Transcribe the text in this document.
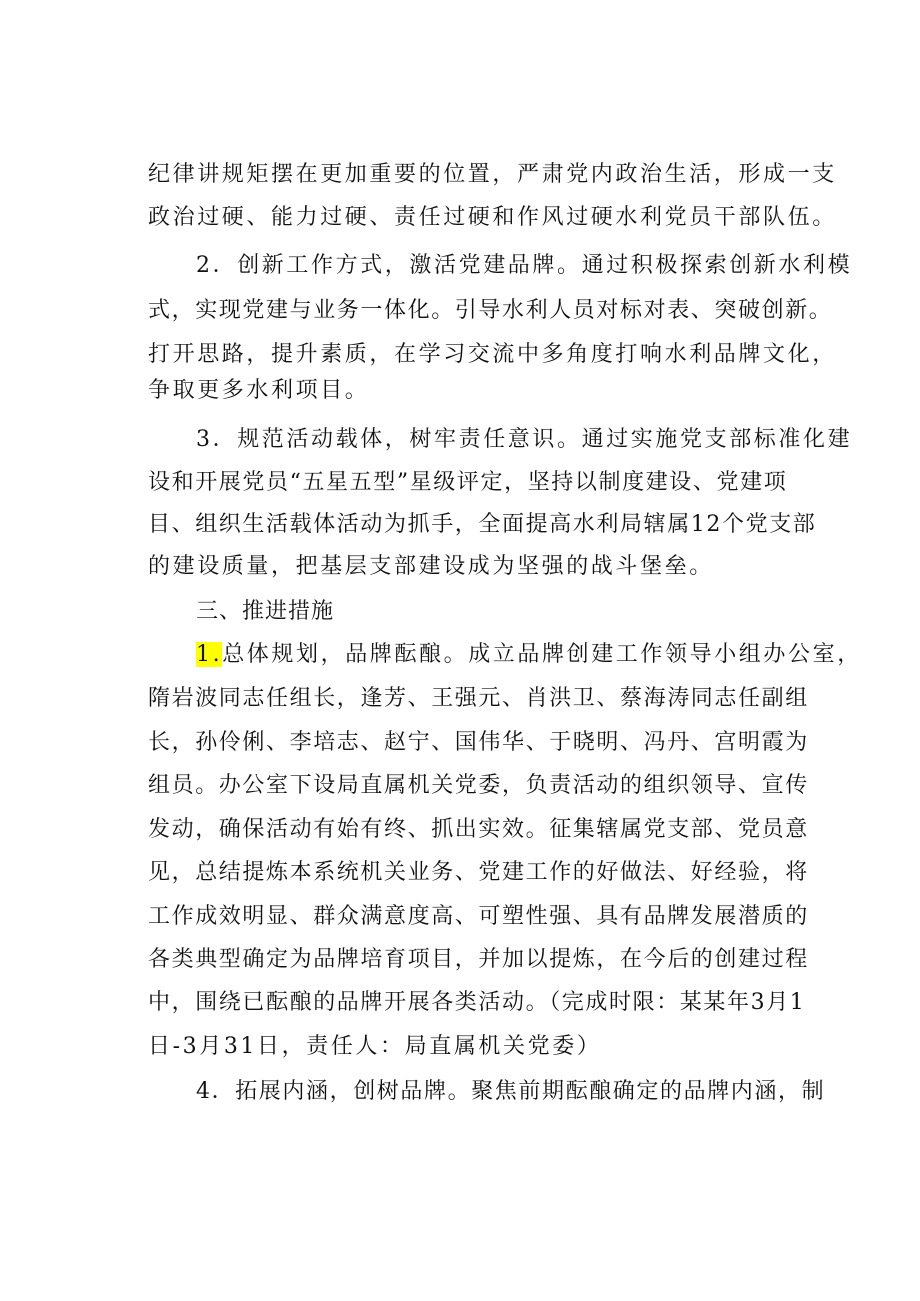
纪律讲规矩摆在更加重要的位置，严肃党内政治生活，形成一支
政治过硬、能力过硬、责任过硬和作风过硬水利党员干部队伍。
2．创新工作方式，激活党建品牌。通过积极探索创新水利模
式，实现党建与业务一体化。引导水利人员对标对表、突破创新。
打开思路，提升素质，在学习交流中多角度打响水利品牌文化，
争取更多水利项目。
3．规范活动载体，树牢责任意识。通过实施党支部标准化建
设和开展党员“五星五型”星级评定，坚持以制度建设、党建项
目、组织生活载体活动为抓手，全面提高水利局辖属12个党支部
的建设质量，把基层支部建设成为坚强的战斗堡垒。
三、推进措施
1.总体规划，品牌酝酿。成立品牌创建工作领导小组办公室，
隋岩波同志任组长，逢芳、王强元、肖洪卫、蔡海涛同志任副组
长，孙伶俐、李培志、赵宁、国伟华、于晓明、冯丹、宫明霞为
组员。办公室下设局直属机关党委，负责活动的组织领导、宣传
发动，确保活动有始有终、抓出实效。征集辖属党支部、党员意
见，总结提炼本系统机关业务、党建工作的好做法、好经验，将
工作成效明显、群众满意度高、可塑性强、具有品牌发展潜质的
各类典型确定为品牌培育项目，并加以提炼，在今后的创建过程
中，围绕已酝酿的品牌开展各类活动。（完成时限：某某年3月1
日-3月31日，责任人：局直属机关党委）
4．拓展内涵，创树品牌。聚焦前期酝酿确定的品牌内涵，制
